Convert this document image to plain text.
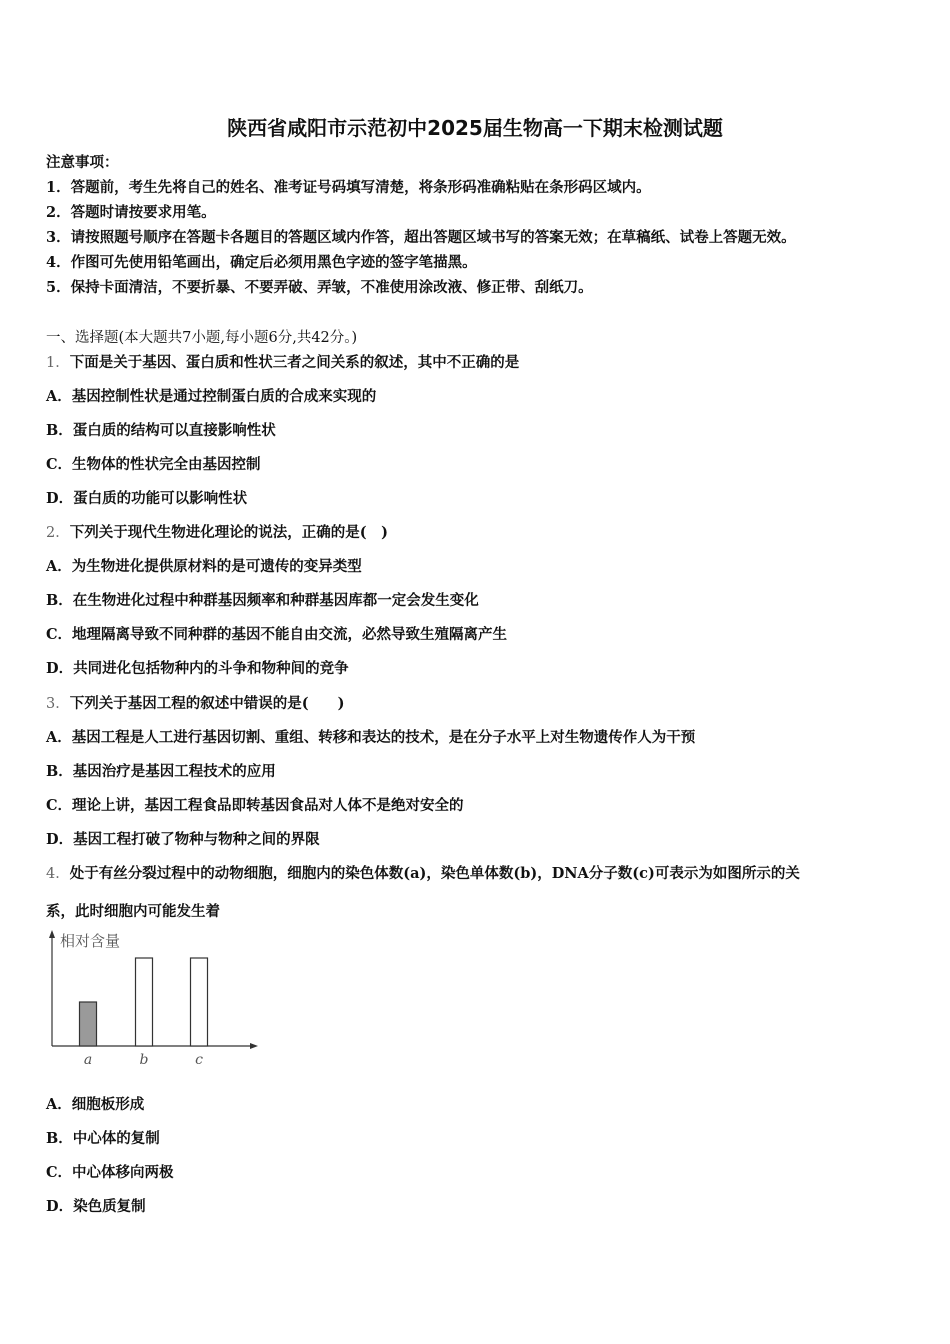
陕西省咸阳市示范初中2025届生物高一下期末检测试题
注意事项：
1．答题前，考生先将自己的姓名、准考证号码填写清楚，将条形码准确粘贴在条形码区域内。
2．答题时请按要求用笔。
3．请按照题号顺序在答题卡各题目的答题区域内作答，超出答题区域书写的答案无效；在草稿纸、试卷上答题无效。
4．作图可先使用铅笔画出，确定后必须用黑色字迹的签字笔描黑。
5．保持卡面清洁，不要折暴、不要弄破、弄皱，不准使用涂改液、修正带、刮纸刀。
一、选择题(本大题共7小题,每小题6分,共42分。)
1．下面是关于基因、蛋白质和性状三者之间关系的叙述，其中不正确的是
A．基因控制性状是通过控制蛋白质的合成来实现的
B．蛋白质的结构可以直接影响性状
C．生物体的性状完全由基因控制
D．蛋白质的功能可以影响性状
2．下列关于现代生物进化理论的说法，正确的是(　)
A．为生物进化提供原材料的是可遗传的变异类型
B．在生物进化过程中种群基因频率和种群基因库都一定会发生变化
C．地理隔离导致不同种群的基因不能自由交流，必然导致生殖隔离产生
D．共同进化包括物种内的斗争和物种间的竞争
3．下列关于基因工程的叙述中错误的是(　　)
A．基因工程是人工进行基因切割、重组、转移和表达的技术，是在分子水平上对生物遗传作人为干预
B．基因治疗是基因工程技术的应用
C．理论上讲，基因工程食品即转基因食品对人体不是绝对安全的
D．基因工程打破了物种与物种之间的界限
4．处于有丝分裂过程中的动物细胞，细胞内的染色体数(a)，染色单体数(b)，DNA分子数(c)可表示为如图所示的关
系，此时细胞内可能发生着
相对含量
a	b	c
A．细胞板形成
B．中心体的复制
C．中心体移向两极
D．染色质复制
